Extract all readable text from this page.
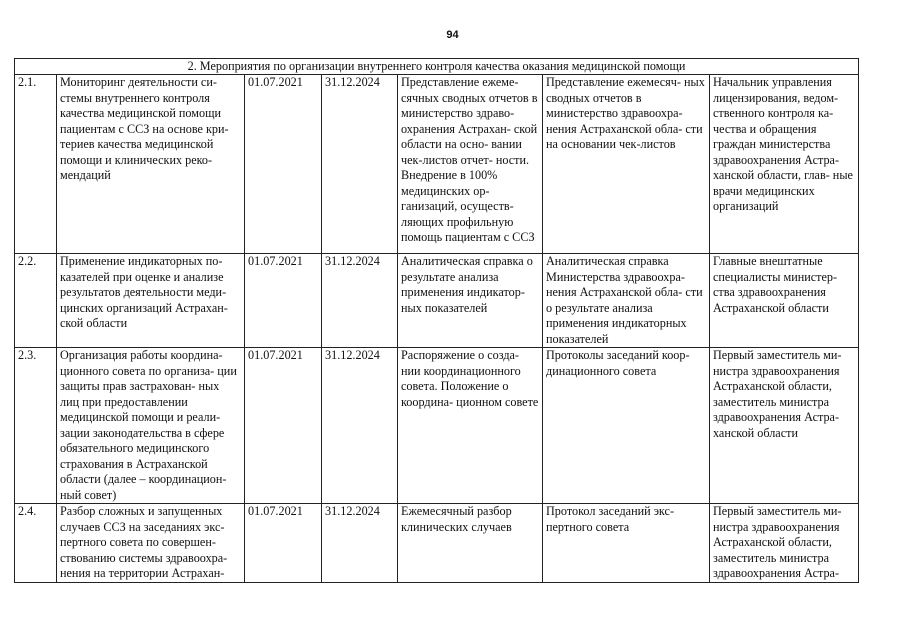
94
2. Мероприятия по организации внутреннего контроля качества оказания медицинской помощи						
2.1.	Мониторинг деятельности си- стемы внутреннего контроля качества медицинской помощи пациентам с ССЗ на основе кри- териев качества медицинской помощи и клинических реко- мендаций	01.07.2021	31.12.2024	Представление ежеме- сячных сводных отчетов в министерство здраво- охранения Астрахан- ской области на осно- вании чек-листов отчет- ности. Внедрение в 100% медицинских ор- ганизаций, осуществ- ляющих профильную помощь пациентам с ССЗ	Представление ежемесяч- ных сводных отчетов в министерство здравоохра- нения Астраханской обла- сти на основании чек-листов	Начальник управления лицензирования, ведом- ственного контроля ка- чества и обращения граждан министерства здравоохранения Астра- ханской области, глав- ные врачи медицинских организаций
2.2.	Применение индикаторных по- казателей при оценке и анализе результатов деятельности меди- цинских организаций Астрахан- ской области	01.07.2021	31.12.2024	Аналитическая справка о результате анализа применения индикатор- ных показателей	Аналитическая справка Министерства здравоохра- нения Астраханской обла- сти о результате анализа применения индикаторных показателей	Главные внештатные специалисты министер- ства здравоохранения Астраханской области
2.3.	Организация работы координа- ционного совета по организа- ции защиты прав застрахован- ных лиц при предоставлении медицинской помощи и реали- зации законодательства в сфере обязательного медицинского страхования в Астраханской области (далее – координацион- ный совет)	01.07.2021	31.12.2024	Распоряжение о созда- нии координационного совета. Положение о координа- ционном совете	Протоколы заседаний коор- динационного совета	Первый заместитель ми- нистра здравоохранения Астраханской области, заместитель министра здравоохранения Астра- ханской области
2.4.	Разбор сложных и запущенных случаев ССЗ на заседаниях экс- пертного совета по совершен- ствованию системы здравоохра- нения на территории Астрахан-	01.07.2021	31.12.2024	Ежемесячный разбор клинических случаев	Протокол заседаний экс- пертного совета	Первый заместитель ми- нистра здравоохранения Астраханской области, заместитель министра здравоохранения Астра-
